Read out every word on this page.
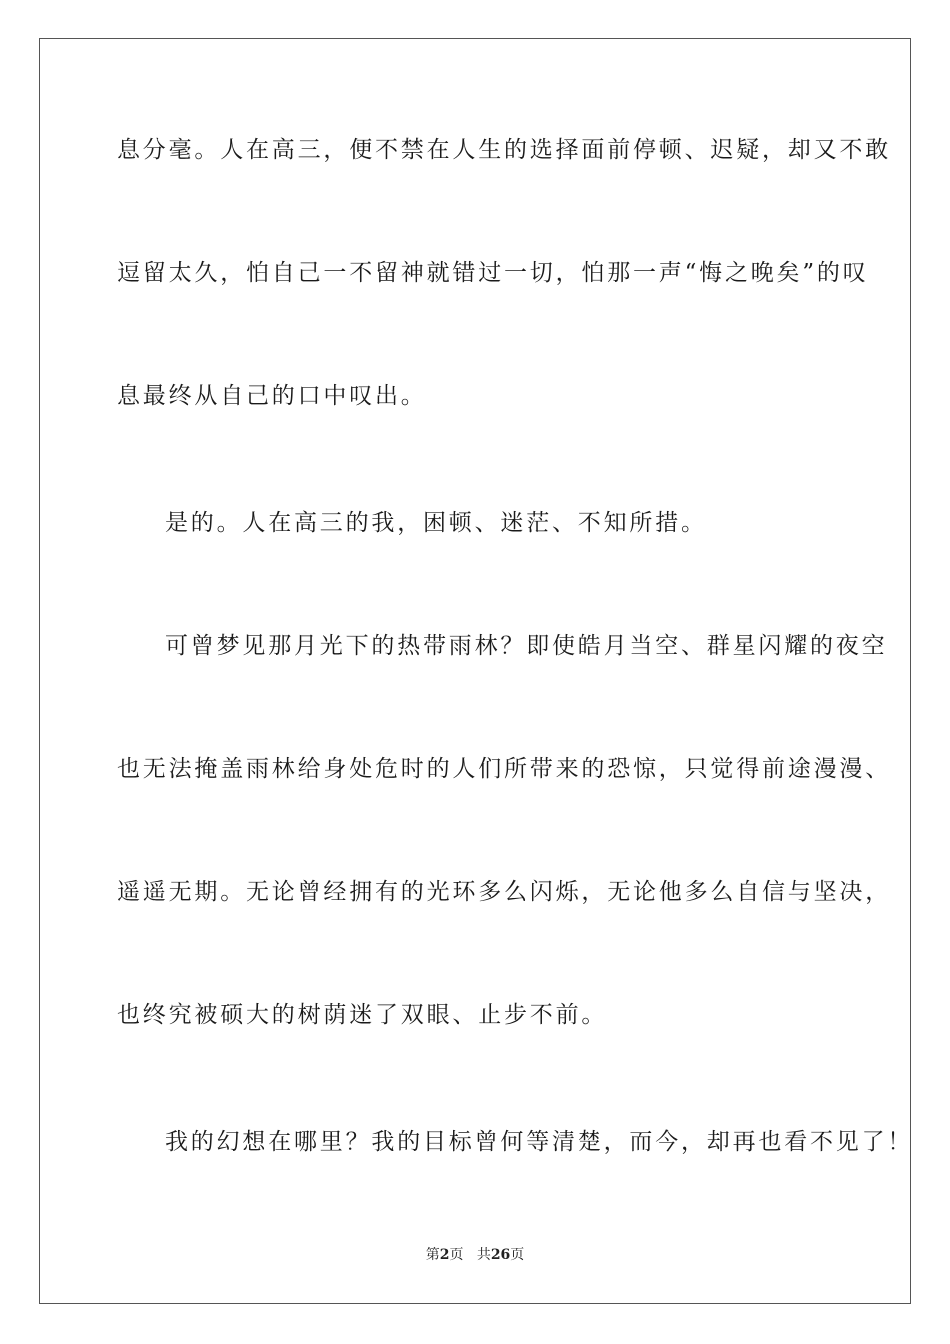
息分毫。人在高三，便不禁在人生的选择面前停顿、迟疑，却又不敢
逗留太久，怕自己一不留神就错过一切，怕那一声“悔之晚矣”的叹
息最终从自己的口中叹出。
是的。人在高三的我，困顿、迷茫、不知所措。
可曾梦见那月光下的热带雨林？即使皓月当空、群星闪耀的夜空
也无法掩盖雨林给身处危时的人们所带来的恐惊，只觉得前途漫漫、
遥遥无期。无论曾经拥有的光环多么闪烁，无论他多么自信与坚决，
也终究被硕大的树荫迷了双眼、止步不前。
我的幻想在哪里？我的目标曾何等清楚，而今，却再也看不见了！
第2页 共26页
